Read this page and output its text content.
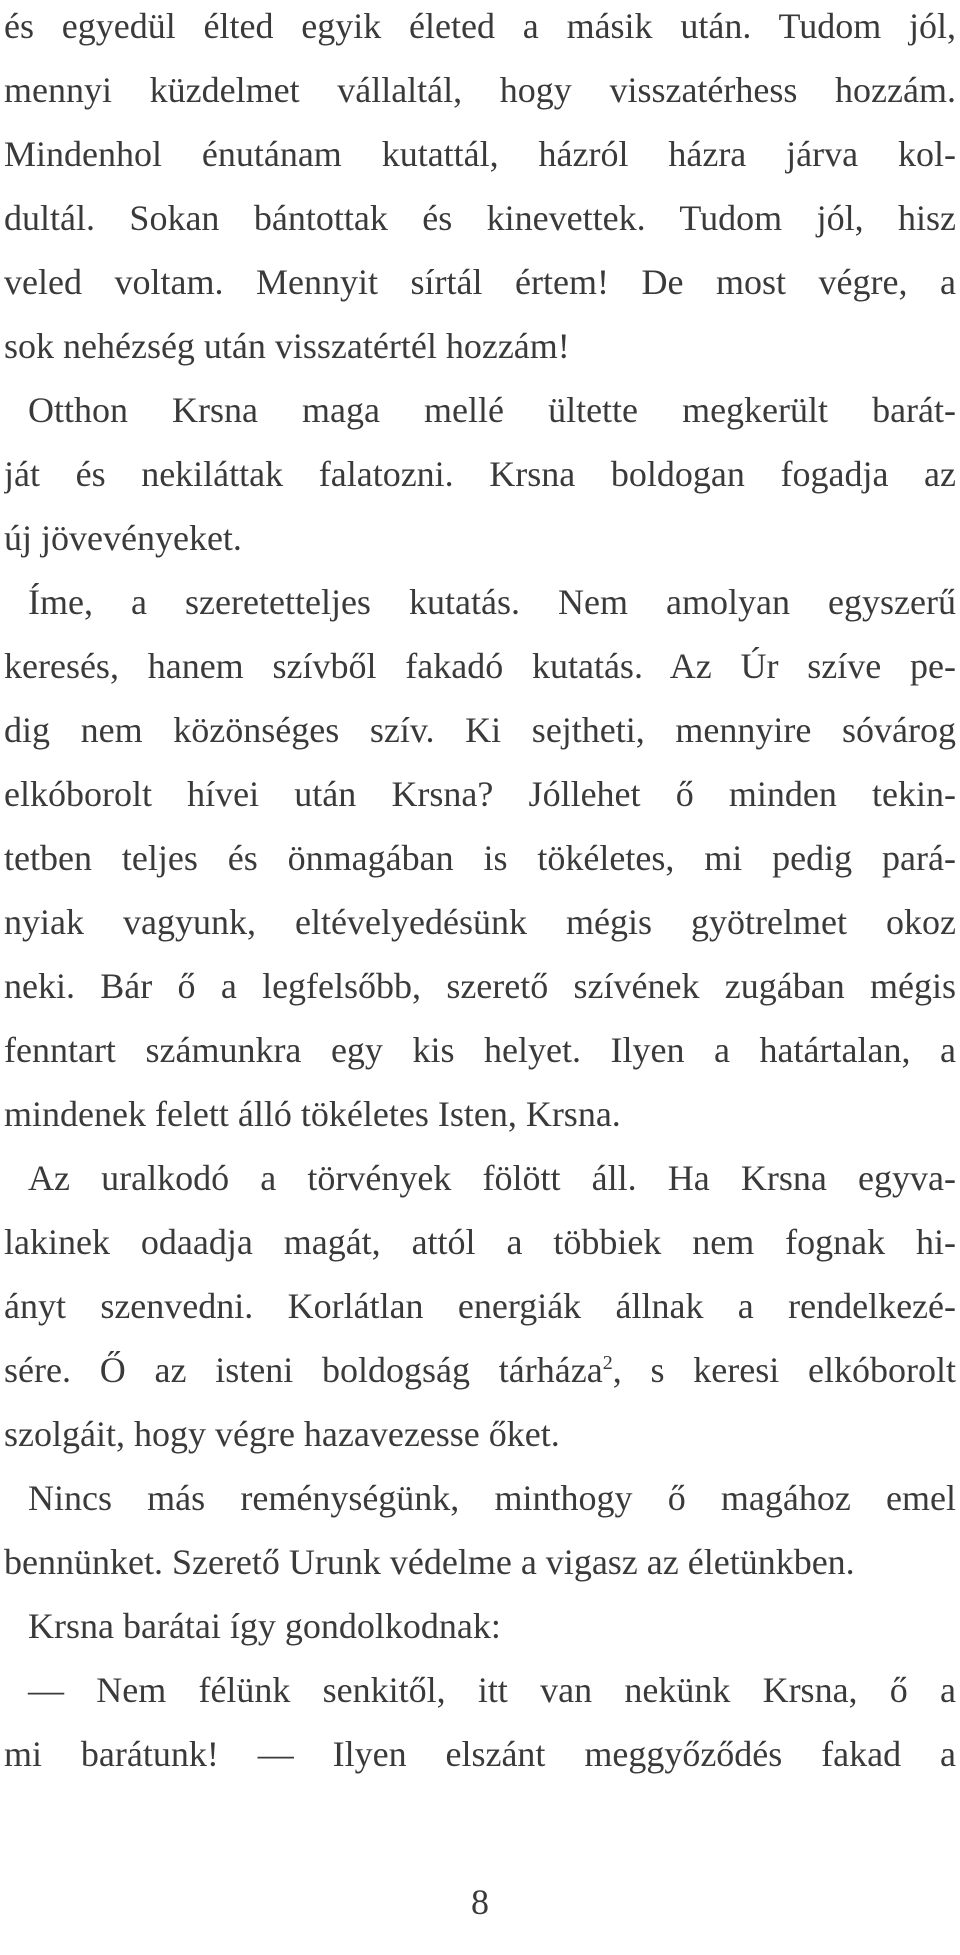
és egyedül élted egyik életed a másik után. Tudom jól,
mennyi küzdelmet vállaltál, hogy visszatérhess hozzám.
Mindenhol énutánam kutattál, házról házra járva kol-
dultál. Sokan bántottak és kinevettek. Tudom jól, hisz
veled voltam. Mennyit sírtál értem! De most végre, a
sok nehézség után visszatértél hozzám!
Otthon Krsna maga mellé ültette megkerült barát-
ját és nekiláttak falatozni. Krsna boldogan fogadja az
új jövevényeket.
Íme, a szeretetteljes kutatás. Nem amolyan egyszerű
keresés, hanem szívből fakadó kutatás. Az Úr szíve pe-
dig nem közönséges szív. Ki sejtheti, mennyire sóvárog
elkóborolt hívei után Krsna? Jóllehet ő minden tekin-
tetben teljes és önmagában is tökéletes, mi pedig pará-
nyiak vagyunk, eltévelyedésünk mégis gyötrelmet okoz
neki. Bár ő a legfelsőbb, szerető szívének zugában mégis
fenntart számunkra egy kis helyet. Ilyen a határtalan, a
mindenek felett álló tökéletes Isten, Krsna.
Az uralkodó a törvények fölött áll. Ha Krsna egyva-
lakinek odaadja magát, attól a többiek nem fognak hi-
ányt szenvedni. Korlátlan energiák állnak a rendelkezé-
sére. Ő az isteni boldogság tárháza$^2$, s keresi elkóborolt
szolgáit, hogy végre hazavezesse őket.
Nincs más reménységünk, minthogy ő magához emel
bennünket. Szerető Urunk védelme a vigasz az életünkben.
Krsna barátai így gondolkodnak:
— Nem félünk senkitől, itt van nekünk Krsna, ő a
mi barátunk! — Ilyen elszánt meggyőződés fakad a
8
